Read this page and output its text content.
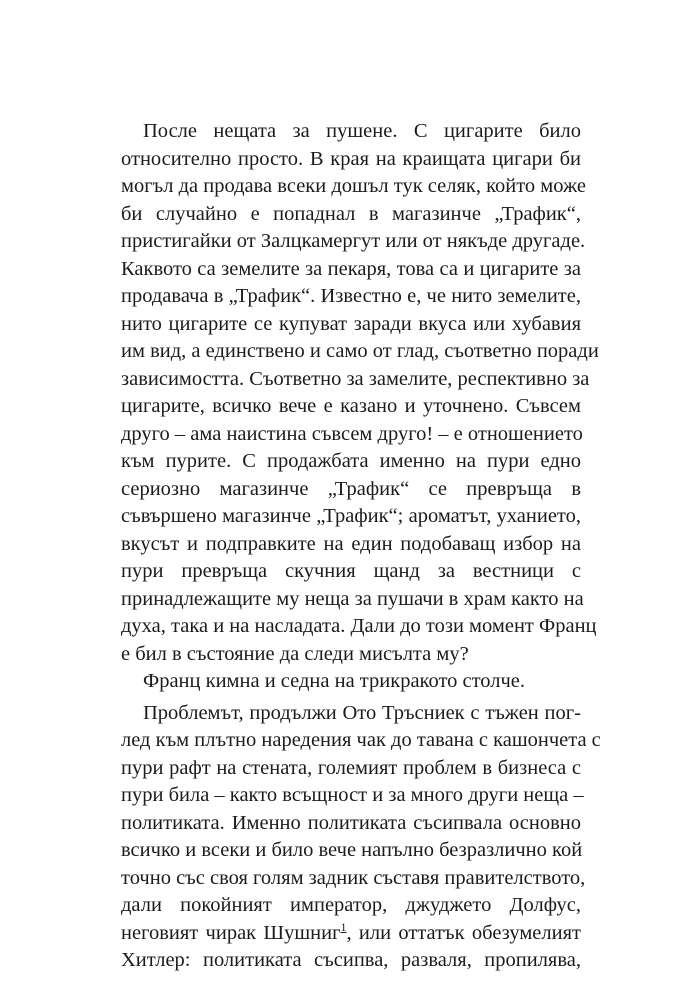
После нещата за пушене. С цигарите било
относително просто. В края на краищата цигари би
могъл да продава всеки дошъл тук селяк, който може
би случайно е попаднал в магазинче „Трафик“,
пристигайки от Залцкамергут или от някъде другаде.
Каквото са земелите за пекаря, това са и цигарите за
продавача в „Трафик“. Известно е, че нито земелите,
нито цигарите се купуват заради вкуса или хубавия
им вид, а единствено и само от глад, съответно поради
зависимостта. Съответно за замелите, респективно за
цигарите, всичко вече е казано и уточнено. Съвсем
друго – ама наистина съвсем друго! – е отношението
към пурите. С продажбата именно на пури едно
сериозно магазинче „Трафик“ се превръща в
съвършено магазинче „Трафик“; ароматът, уханието,
вкусът и подправките на един подобаващ избор на
пури превръща скучния щанд за вестници с
принадлежащите му неща за пушачи в храм както на
духа, така и на насладата. Дали до този момент Франц
е бил в състояние да следи мисълта му?
Франц кимна и седна на трикракото столче.
Проблемът, продължи Ото Тръсниек с тъжен пог-
лед към плътно наредения чак до тавана с кашончета с
пури рафт на стената, големият проблем в бизнеса с
пури била – както всъщност и за много други неща –
политиката. Именно политиката съсипвала основно
всичко и всеки и било вече напълно безразлично кой
точно със своя голям задник съставя правителството,
дали покойният император, джуджето Долфус,
неговият чирак Шушниг$^1$, или оттатък обезумелият
Хитлер: политиката съсипва, разваля, пропилява,
